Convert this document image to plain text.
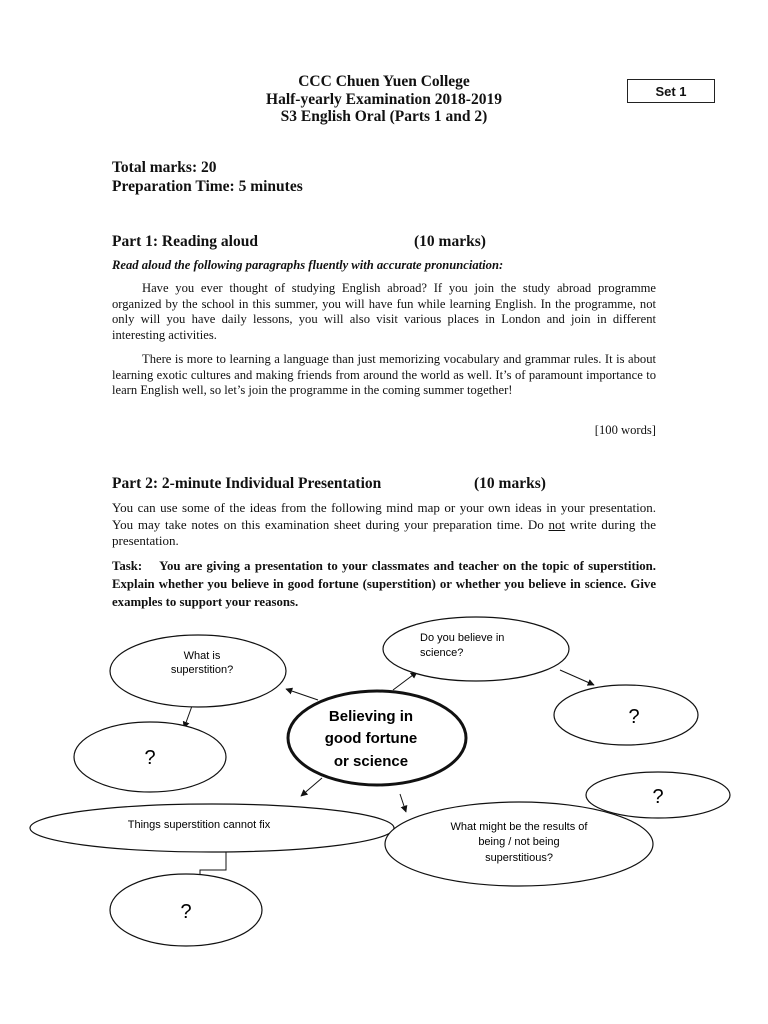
CCC Chuen Yuen College
Half-yearly Examination 2018-2019
S3 English Oral (Parts 1 and 2)
Set 1
Total marks: 20
Preparation Time: 5 minutes
Part 1: Reading aloud	(10 marks)
Read aloud the following paragraphs fluently with accurate pronunciation:
Have you ever thought of studying English abroad? If you join the study abroad programme organized by the school in this summer, you will have fun while learning English. In the programme, not only will you have daily lessons, you will also visit various places in London and join in different interesting activities.
There is more to learning a language than just memorizing vocabulary and grammar rules. It is about learning exotic cultures and making friends from around the world as well. It’s of paramount importance to learn English well, so let’s join the programme in the coming summer together!
[100 words]
Part 2: 2-minute Individual Presentation	(10 marks)
You can use some of the ideas from the following mind map or your own ideas in your presentation. You may take notes on this examination sheet during your preparation time. Do not write during the presentation.
Task: You are giving a presentation to your classmates and teacher on the topic of superstition. Explain whether you believe in good fortune (superstition) or whether you believe in science. Give examples to support your reasons.
What is
superstition?
Do you believe in
science?
Believing in
good fortune
or science
?
?
?
Things superstition cannot fix	What might be the results of
being / not being
superstitious?
?
